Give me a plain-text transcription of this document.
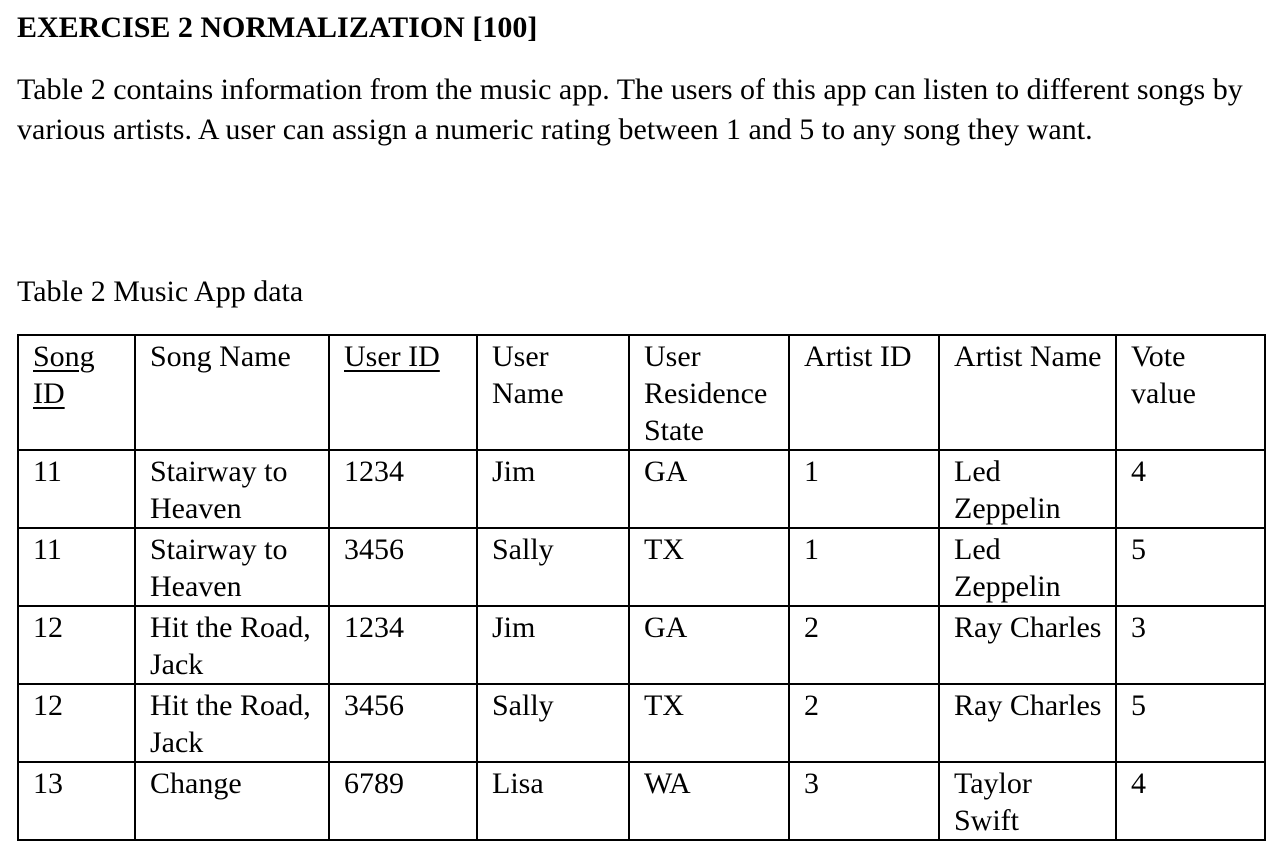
EXERCISE 2 NORMALIZATION [100]

Table 2 contains information from the music app. The users of this app can listen to different songs by various artists. A user can assign a numeric rating between 1 and 5 to any song they want.

Table 2 Music App data

Song ID	Song Name	User ID	User Name	User Residence State	Artist ID	Artist Name	Vote value
11	Stairway to Heaven	1234	Jim	GA	1	Led Zeppelin	4
11	Stairway to Heaven	3456	Sally	TX	1	Led Zeppelin	5
12	Hit the Road, Jack	1234	Jim	GA	2	Ray Charles	3
12	Hit the Road, Jack	3456	Sally	TX	2	Ray Charles	5
13	Change	6789	Lisa	WA	3	Taylor Swift	4
